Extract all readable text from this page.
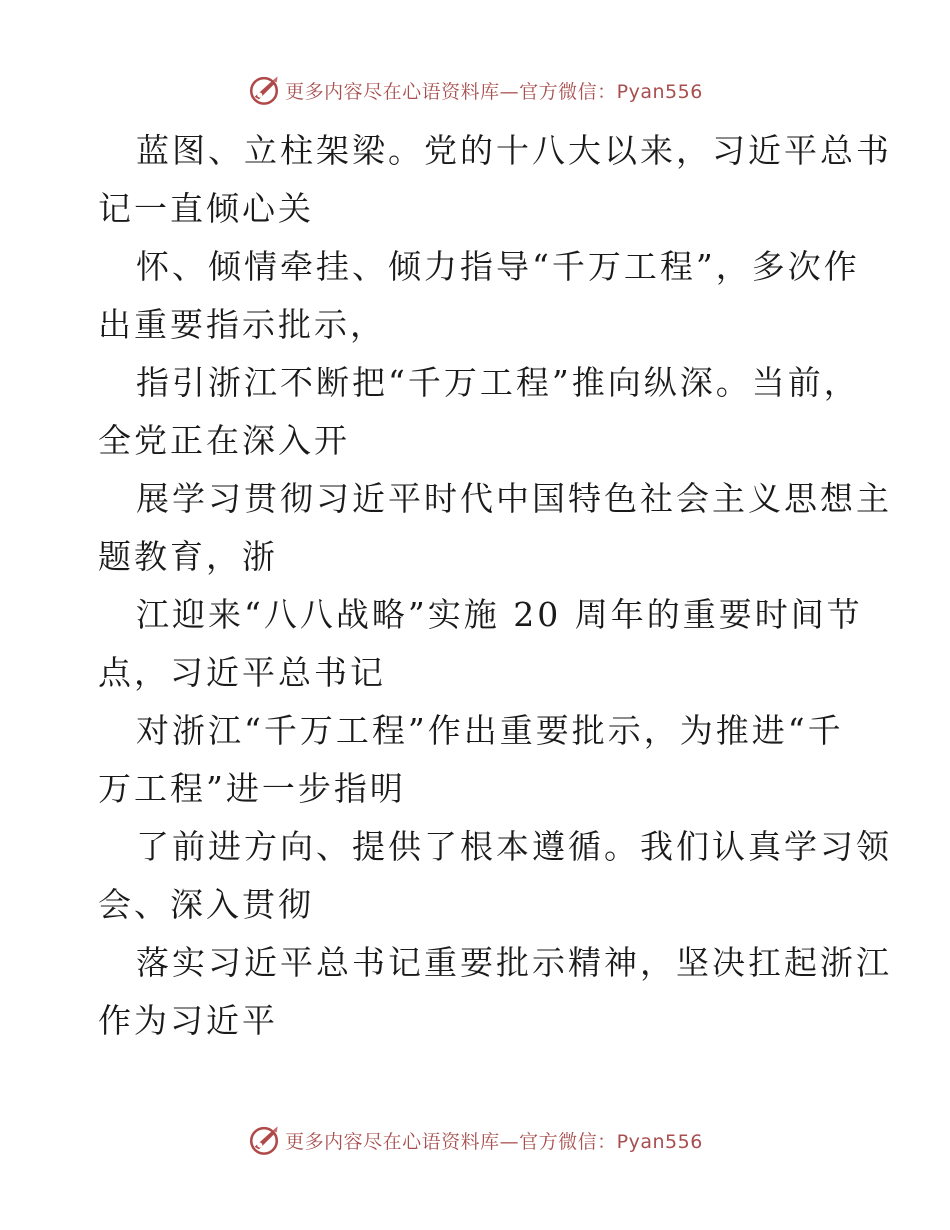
更多内容尽在心语资料库—官方微信：Pyan556
蓝图、立柱架梁。党的十八大以来，习近平总书
记一直倾心关
怀、倾情牵挂、倾力指导“千万工程”，多次作
出重要指示批示，
指引浙江不断把“千万工程”推向纵深。当前，
全党正在深入开
展学习贯彻习近平时代中国特色社会主义思想主
题教育，浙
江迎来“八八战略”实施 20 周年的重要时间节
点，习近平总书记
对浙江“千万工程”作出重要批示，为推进“千
万工程”进一步指明
了前进方向、提供了根本遵循。我们认真学习领
会、深入贯彻
落实习近平总书记重要批示精神，坚决扛起浙江
作为习近平
更多内容尽在心语资料库—官方微信：Pyan556
